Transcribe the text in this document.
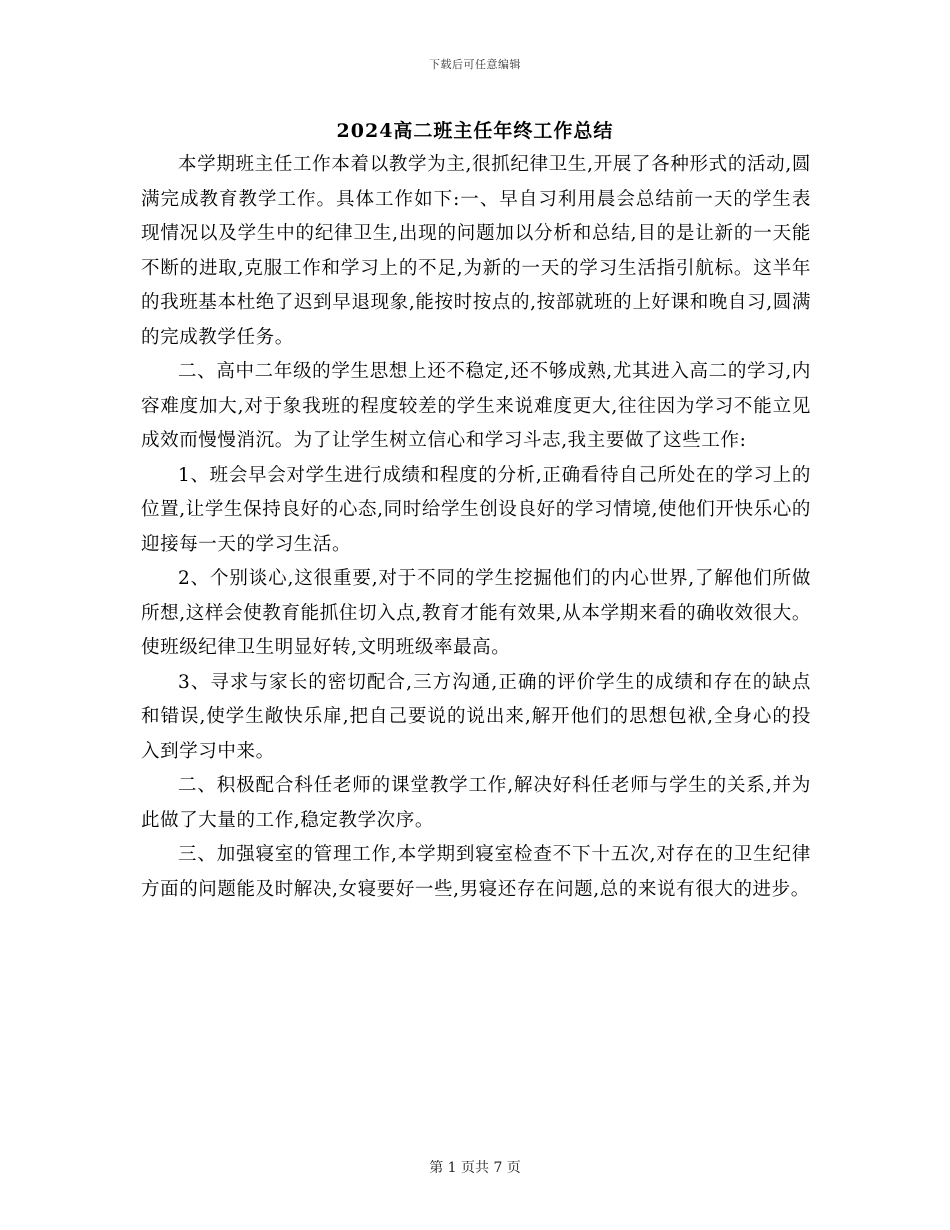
下载后可任意编辑
2024高二班主任年终工作总结

本学期班主任工作本着以教学为主,很抓纪律卫生,开展了各种形式的活动,圆满完成教育教学工作。具体工作如下:一、早自习利用晨会总结前一天的学生表现情况以及学生中的纪律卫生,出现的问题加以分析和总结,目的是让新的一天能不断的进取,克服工作和学习上的不足,为新的一天的学习生活指引航标。这半年的我班基本杜绝了迟到早退现象,能按时按点的,按部就班的上好课和晚自习,圆满的完成教学任务。

二、高中二年级的学生思想上还不稳定,还不够成熟,尤其进入高二的学习,内容难度加大,对于象我班的程度较差的学生来说难度更大,往往因为学习不能立见成效而慢慢消沉。为了让学生树立信心和学习斗志,我主要做了这些工作:

1、班会早会对学生进行成绩和程度的分析,正确看待自己所处在的学习上的位置,让学生保持良好的心态,同时给学生创设良好的学习情境,使他们开快乐心的迎接每一天的学习生活。

2、个别谈心,这很重要,对于不同的学生挖掘他们的内心世界,了解他们所做所想,这样会使教育能抓住切入点,教育才能有效果,从本学期来看的确收效很大。使班级纪律卫生明显好转,文明班级率最高。

3、寻求与家长的密切配合,三方沟通,正确的评价学生的成绩和存在的缺点和错误,使学生敞快乐扉,把自己要说的说出来,解开他们的思想包袱,全身心的投入到学习中来。

二、积极配合科任老师的课堂教学工作,解决好科任老师与学生的关系,并为此做了大量的工作,稳定教学次序。

三、加强寝室的管理工作,本学期到寝室检查不下十五次,对存在的卫生纪律方面的问题能及时解决,女寝要好一些,男寝还存在问题,总的来说有很大的进步。

第 1 页共 7 页
